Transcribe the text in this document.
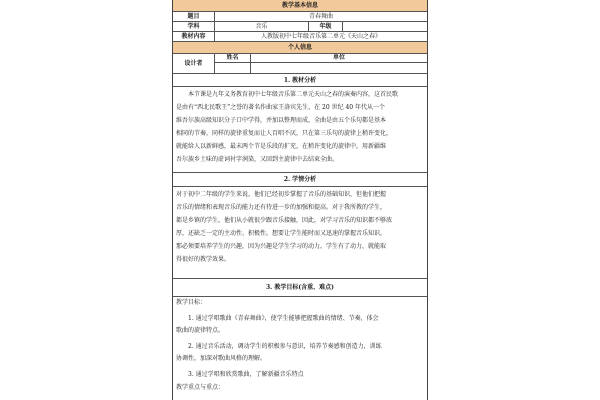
教学基本信息
题目	青春舞曲
学科	音乐	年级
教材内容	人教版初中七年级音乐第二单元《天山之春》
个人信息
设计者
姓名	单位
1. 教材分析

本节课是九年义务教育初中七年级音乐第二单元天山之春的演奏内容，这首民歌

是由有“西北民歌王”之誉的著名作曲家王洛宾先生，在 20 世纪 40 年代从一个

维吾尔族高级知识分子口中学得，并加以整理而成，全曲是由五个乐句都是基本

相同的节奏，同样的旋律重复而让人百唱不厌，只在第三乐句的旋律上稍许变化，

就能给人以新鲜感，最末两个节是乐段的扩充，在稍许变化的旋律中，用新疆维

吾尔族乡土味的虚词衬字润染，又回到主旋律中去结束全曲。

2. 学情分析

对于初中二年级的学生来说，他们已经初步掌握了音乐的基础知识，但他们把握

音乐的情绪和表现音乐的能力还有待进一步的加强和提高。对于我所教的学生，

都是乡镇的学生，他们从小就很少跟音乐接触，因此，对学习音乐的知识都不够浓

厚，还缺乏一定的主动性、积极性。想要让学生能时而又迅速的掌握音乐知识，

那必须要培养学生的兴趣，因为兴趣是学生学习的动力。学生有了动力，就能取

得很好的教学效果。

3. 教学目标(含重、难点)

教学目标：

1. 通过学唱歌曲《青春舞曲》，使学生能够把握歌曲的情绪、节奏，体会

歌曲的旋律特点。

2. 通过音乐活动，调动学生的积极参与意识，培养节奏感和创造力，训练

协调性，加深对歌曲风格的理解。

3. 通过学唱和欣赏歌曲，了解新疆音乐特点

教学重点与重点：
